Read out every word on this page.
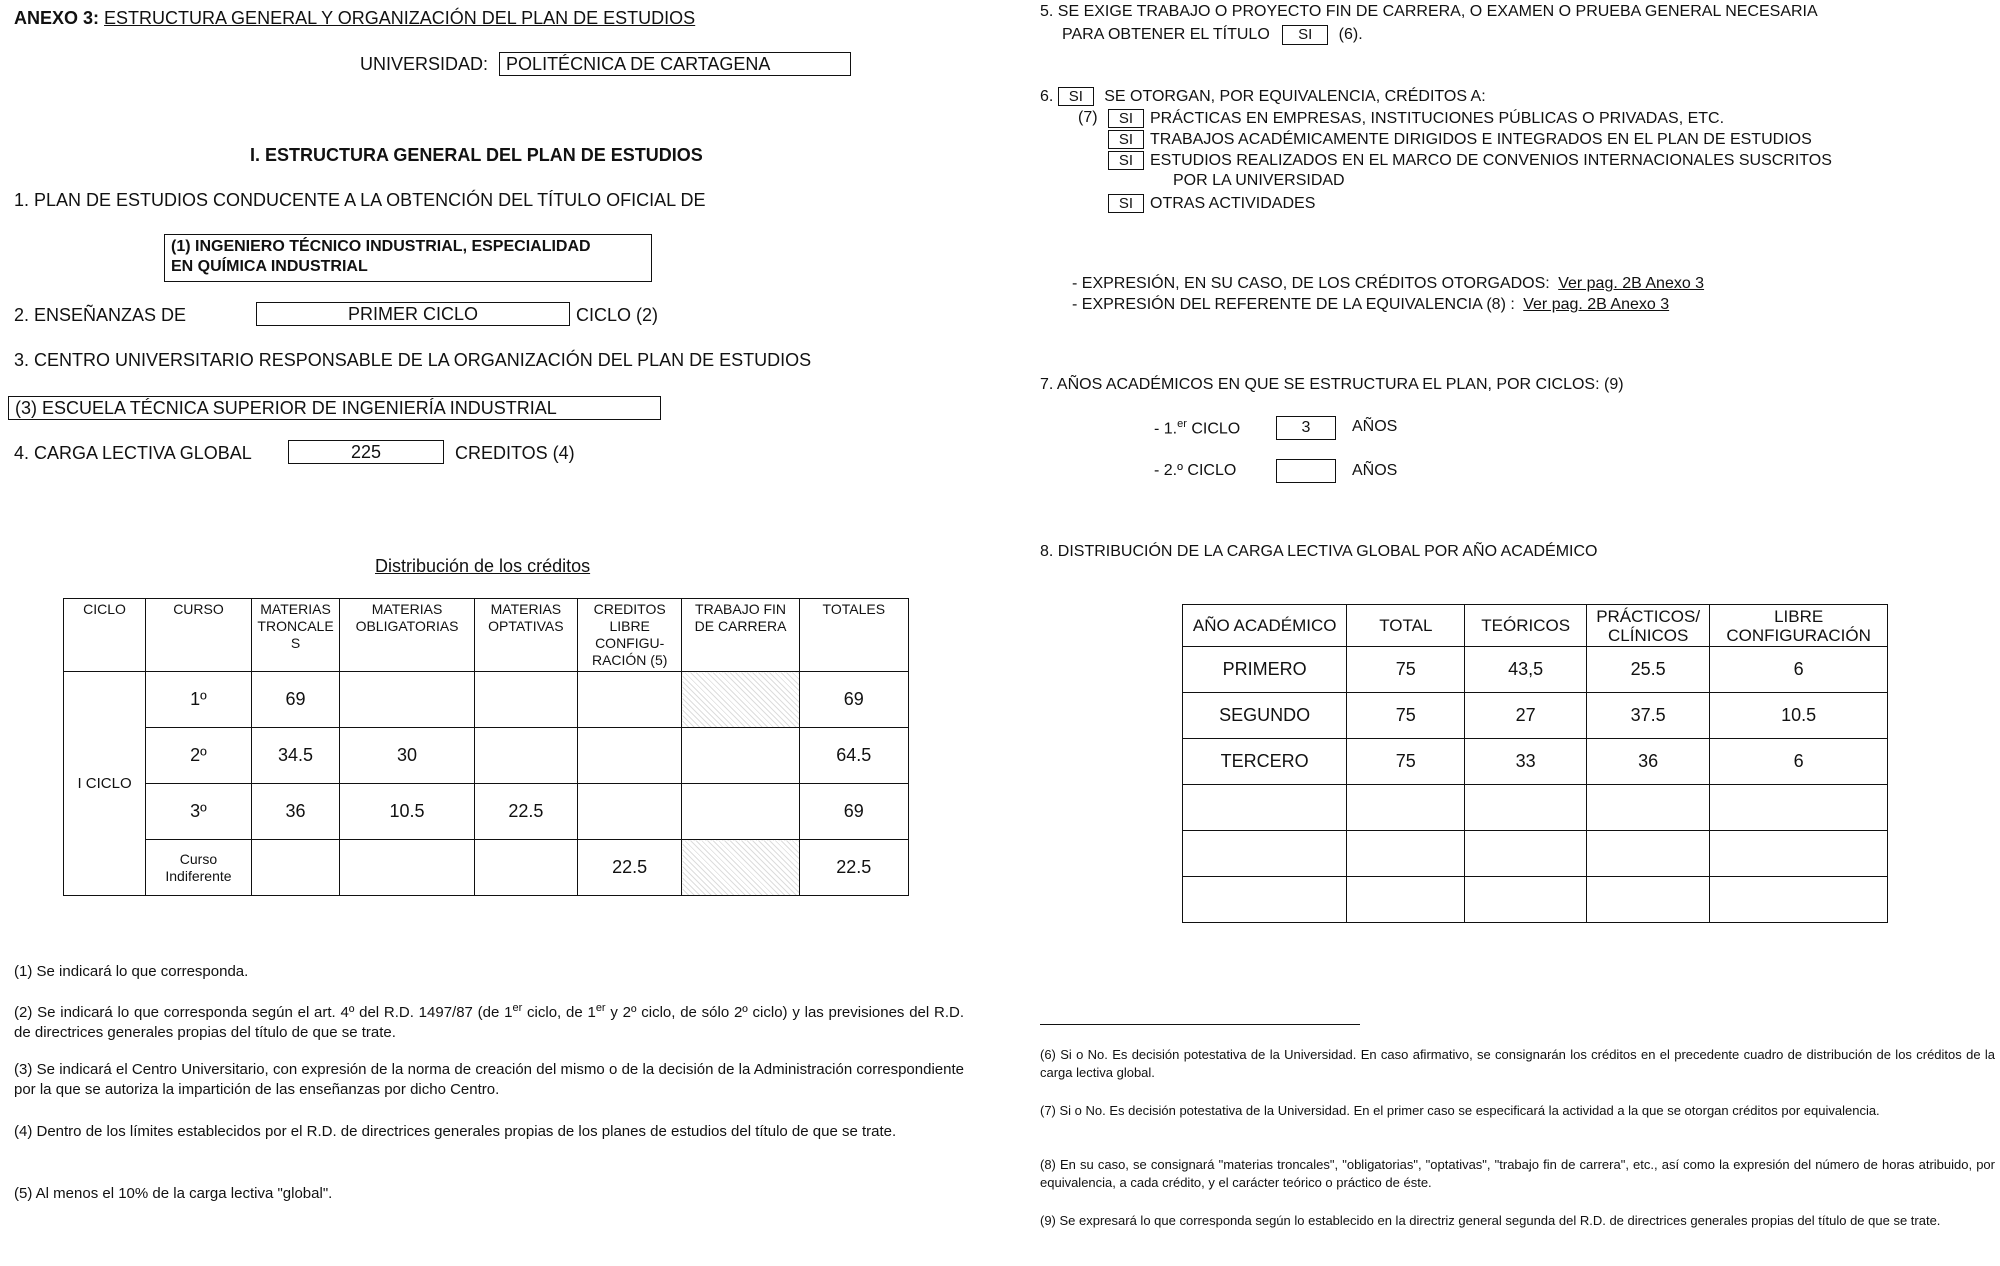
ANEXO 3: ESTRUCTURA GENERAL Y ORGANIZACIÓN DEL PLAN DE ESTUDIOS
UNIVERSIDAD: POLITÉCNICA DE CARTAGENA
I. ESTRUCTURA GENERAL DEL PLAN DE ESTUDIOS
1. PLAN DE ESTUDIOS CONDUCENTE A LA OBTENCIÓN DEL TÍTULO OFICIAL DE
(1) INGENIERO TÉCNICO INDUSTRIAL, ESPECIALIDAD
EN QUÍMICA INDUSTRIAL
2. ENSEÑANZAS DE	PRIMER CICLO	CICLO (2)
3. CENTRO UNIVERSITARIO RESPONSABLE DE LA ORGANIZACIÓN DEL PLAN DE ESTUDIOS
(3) ESCUELA TÉCNICA SUPERIOR DE INGENIERÍA INDUSTRIAL
4. CARGA LECTIVA GLOBAL	225	CREDITOS (4)
Distribución de los créditos
CICLO	CURSO	MATERIAS TRONCALE S	MATERIAS OBLIGATORIAS	MATERIAS OPTATIVAS	CREDITOS LIBRE CONFIGU- RACIÓN (5)	TRABAJO FIN DE CARRERA	TOTALES
I CICLO	1º	69					69
	2º	34.5	30				64.5
	3º	36	10.5	22.5			69
	Curso Indiferente				22.5		22.5
(1) Se indicará lo que corresponda.
(2) Se indicará lo que corresponda según el art. 4º del R.D. 1497/87 (de 1er ciclo, de 1er y 2º ciclo, de sólo 2º ciclo) y las previsiones del R.D. de directrices generales propias del título de que se trate.
(3) Se indicará el Centro Universitario, con expresión de la norma de creación del mismo o de la decisión de la Administración correspondiente por la que se autoriza la impartición de las enseñanzas por dicho Centro.
(4) Dentro de los límites establecidos por el R.D. de directrices generales propias de los planes de estudios del título de que se trate.
(5) Al menos el 10% de la carga lectiva "global".
5. SE EXIGE TRABAJO O PROYECTO FIN DE CARRERA, O EXAMEN O PRUEBA GENERAL NECESARIA
PARA OBTENER EL TÍTULO SI (6).
6. SI SE OTORGAN, POR EQUIVALENCIA, CRÉDITOS A:
(7)	SI PRÁCTICAS EN EMPRESAS, INSTITUCIONES PÚBLICAS O PRIVADAS, ETC.
SI TRABAJOS ACADÉMICAMENTE DIRIGIDOS E INTEGRADOS EN EL PLAN DE ESTUDIOS
SI ESTUDIOS REALIZADOS EN EL MARCO DE CONVENIOS INTERNACIONALES SUSCRITOS
POR LA UNIVERSIDAD
SI OTRAS ACTIVIDADES
- EXPRESIÓN, EN SU CASO, DE LOS CRÉDITOS OTORGADOS: Ver pag. 2B Anexo 3
- EXPRESIÓN DEL REFERENTE DE LA EQUIVALENCIA (8) : Ver pag. 2B Anexo 3
7. AÑOS ACADÉMICOS EN QUE SE ESTRUCTURA EL PLAN, POR CICLOS: (9)
- 1.$^{er}$ CICLO	3	AÑOS
- 2.º CICLO	AÑOS
8. DISTRIBUCIÓN DE LA CARGA LECTIVA GLOBAL POR AÑO ACADÉMICO
AÑO ACADÉMICO	TOTAL	TEÓRICOS	PRÁCTICOS/ CLÍNICOS	LIBRE CONFIGURACIÓN
PRIMERO	75	43,5	25.5	6
SEGUNDO	75	27	37.5	10.5
TERCERO	75	33	36	6

(6) Si o No. Es decisión potestativa de la Universidad. En caso afirmativo, se consignarán los créditos en el precedente cuadro de distribución de los créditos de la carga lectiva global.
(7) Si o No. Es decisión potestativa de la Universidad. En el primer caso se especificará la actividad a la que se otorgan créditos por equivalencia.
(8) En su caso, se consignará "materias troncales", "obligatorias", "optativas", "trabajo fin de carrera", etc., así como la expresión del número de horas atribuido, por equivalencia, a cada crédito, y el carácter teórico o práctico de éste.
(9) Se expresará lo que corresponda según lo establecido en la directriz general segunda del R.D. de directrices generales propias del título de que se trate.
